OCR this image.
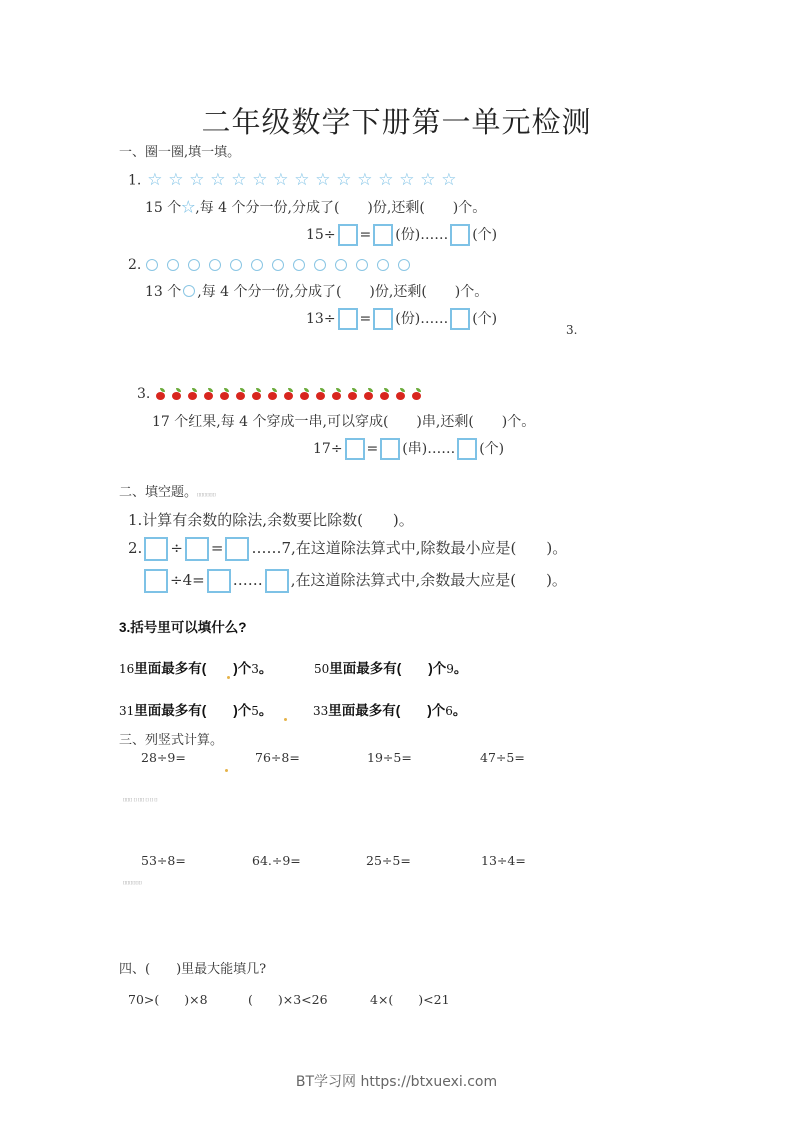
二年级数学下册第一单元检测
一、圈一圈,填一填。
1. ☆ ☆ ☆ ☆ ☆ ☆ ☆ ☆ ☆ ☆ ☆ ☆ ☆ ☆ ☆
15 个☆,每 4 个分一份,分成了(　　)份,还剩(　　)个。
15÷ = (份)…… (个)
2.
13 个 ,每 4 个分一份,分成了(　　)份,还剩(　　)个。
13÷ = (份)…… (个)
3.
3.
17 个红果,每 4 个穿成一串,可以穿成(　　)串,还剩(　　)个。
17÷ = (串)…… (个)
二、填空题。[][][][][][]
1.计算有余数的除法,余数要比除数(　　)。
2. ÷ = ……7,在这道除法算式中,除数最小应是(　　)。
÷4= …… ,在这道除法算式中,余数最大应是(　　)。
3.括号里可以填什么?
16里面最多有(　　)个3。	50里面最多有(　　)个9。
31里面最多有(　　)个5。	33里面最多有(　　)个6。
三、列竖式计算。
28÷9=	76÷8=	19÷5=	47÷5=
[][][] [] [][] [] [] []
53÷8=	64.÷9=	25÷5=	13÷4=
[][][][][][]
四、(　　)里最大能填几?
70>(　　)×8	(　　)×3<26	4×(　　)<21
BT学习网 https://btxuexi.com
